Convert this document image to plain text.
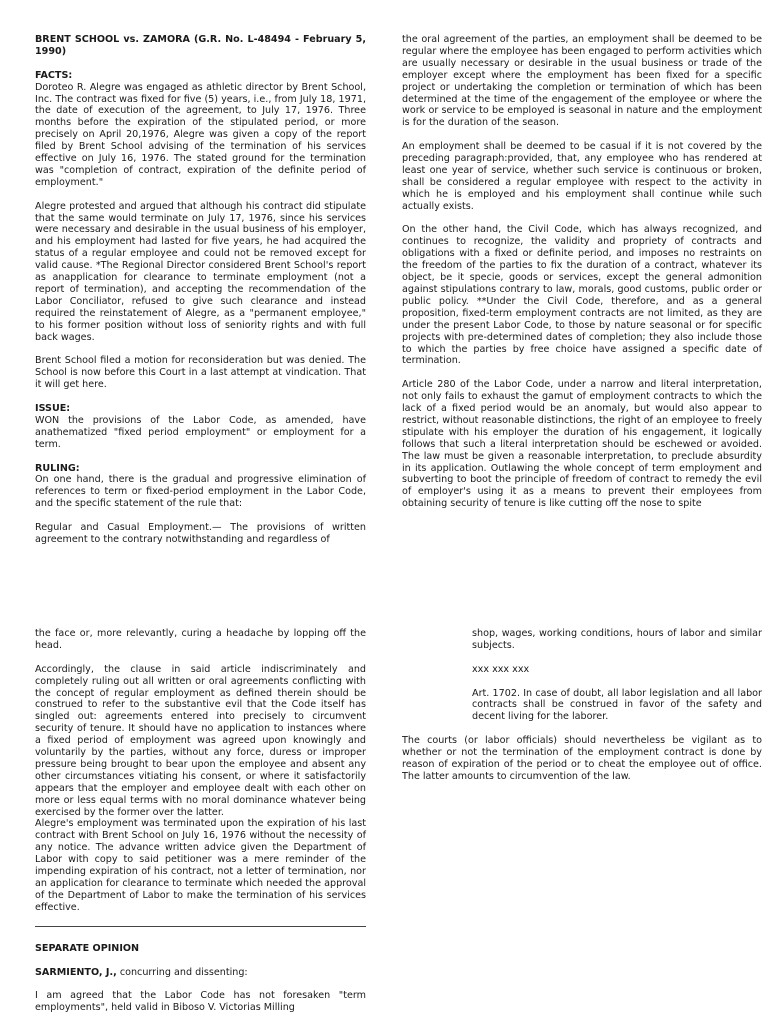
BRENT SCHOOL vs. ZAMORA (G.R. No. L-48494 - February 5, 1990)

FACTS:

Doroteo R. Alegre was engaged as athletic director by Brent School, Inc. The contract was fixed for five (5) years, i.e., from July 18, 1971, the date of execution of the agreement, to July 17, 1976. Three months before the expiration of the stipulated period, or more precisely on April 20,1976, Alegre was given a copy of the report filed by Brent School advising of the termination of his services effective on July 16, 1976. The stated ground for the termination was "completion of contract, expiration of the definite period of employment."

Alegre protested and argued that although his contract did stipulate that the same would terminate on July 17, 1976, since his services were necessary and desirable in the usual business of his employer, and his employment had lasted for five years, he had acquired the status of a regular employee and could not be removed except for valid cause. *The Regional Director considered Brent School's report as anapplication for clearance to terminate employment (not a report of termination), and accepting the recommendation of the Labor Conciliator, refused to give such clearance and instead required the reinstatement of Alegre, as a "permanent employee," to his former position without loss of seniority rights and with full back wages.

Brent School filed a motion for reconsideration but was denied. The School is now before this Court in a last attempt at vindication. That it will get here.

ISSUE:

WON the provisions of the Labor Code, as amended, have anathematized "fixed period employment" or employment for a term.

RULING:

On one hand, there is the gradual and progressive elimination of references to term or fixed-period employment in the Labor Code, and the specific statement of the rule that:

Regular and Casual Employment.— The provisions of written agreement to the contrary notwithstanding and regardless of

the oral agreement of the parties, an employment shall be deemed to be regular where the employee has been engaged to perform activities which are usually necessary or desirable in the usual business or trade of the employer except where the employment has been fixed for a specific project or undertaking the completion or termination of which has been determined at the time of the engagement of the employee or where the work or service to be employed is seasonal in nature and the employment is for the duration of the season.

An employment shall be deemed to be casual if it is not covered by the preceding paragraph:provided, that, any employee who has rendered at least one year of service, whether such service is continuous or broken, shall be considered a regular employee with respect to the activity in which he is employed and his employment shall continue while such actually exists.

On the other hand, the Civil Code, which has always recognized, and continues to recognize, the validity and propriety of contracts and obligations with a fixed or definite period, and imposes no restraints on the freedom of the parties to fix the duration of a contract, whatever its object, be it specie, goods or services, except the general admonition against stipulations contrary to law, morals, good customs, public order or public policy. **Under the Civil Code, therefore, and as a general proposition, fixed-term employment contracts are not limited, as they are under the present Labor Code, to those by nature seasonal or for specific projects with pre-determined dates of completion; they also include those to which the parties by free choice have assigned a specific date of termination.

Article 280 of the Labor Code, under a narrow and literal interpretation, not only fails to exhaust the gamut of employment contracts to which the lack of a fixed period would be an anomaly, but would also appear to restrict, without reasonable distinctions, the right of an employee to freely stipulate with his employer the duration of his engagement, it logically follows that such a literal interpretation should be eschewed or avoided. The law must be given a reasonable interpretation, to preclude absurdity in its application. Outlawing the whole concept of term employment and subverting to boot the principle of freedom of contract to remedy the evil of employer's using it as a means to prevent their employees from obtaining security of tenure is like cutting off the nose to spite

the face or, more relevantly, curing a headache by lopping off the head.

Accordingly, the clause in said article indiscriminately and completely ruling out all written or oral agreements conflicting with the concept of regular employment as defined therein should be construed to refer to the substantive evil that the Code itself has singled out: agreements entered into precisely to circumvent security of tenure. It should have no application to instances where a fixed period of employment was agreed upon knowingly and voluntarily by the parties, without any force, duress or improper pressure being brought to bear upon the employee and absent any other circumstances vitiating his consent, or where it satisfactorily appears that the employer and employee dealt with each other on more or less equal terms with no moral dominance whatever being exercised by the former over the latter.

Alegre's employment was terminated upon the expiration of his last contract with Brent School on July 16, 1976 without the necessity of any notice. The advance written advice given the Department of Labor with copy to said petitioner was a mere reminder of the impending expiration of his contract, not a letter of termination, nor an application for clearance to terminate which needed the approval of the Department of Labor to make the termination of his services effective.

SEPARATE OPINION

SARMIENTO, J., concurring and dissenting:

I am agreed that the Labor Code has not foresaken "term employments", held valid in Biboso V. Victorias Milling

shop, wages, working conditions, hours of labor and similar subjects.

xxx xxx xxx

Art. 1702. In case of doubt, all labor legislation and all labor contracts shall be construed in favor of the safety and decent living for the laborer.

The courts (or labor officials) should nevertheless be vigilant as to whether or not the termination of the employment contract is done by reason of expiration of the period or to cheat the employee out of office. The latter amounts to circumvention of the law.
